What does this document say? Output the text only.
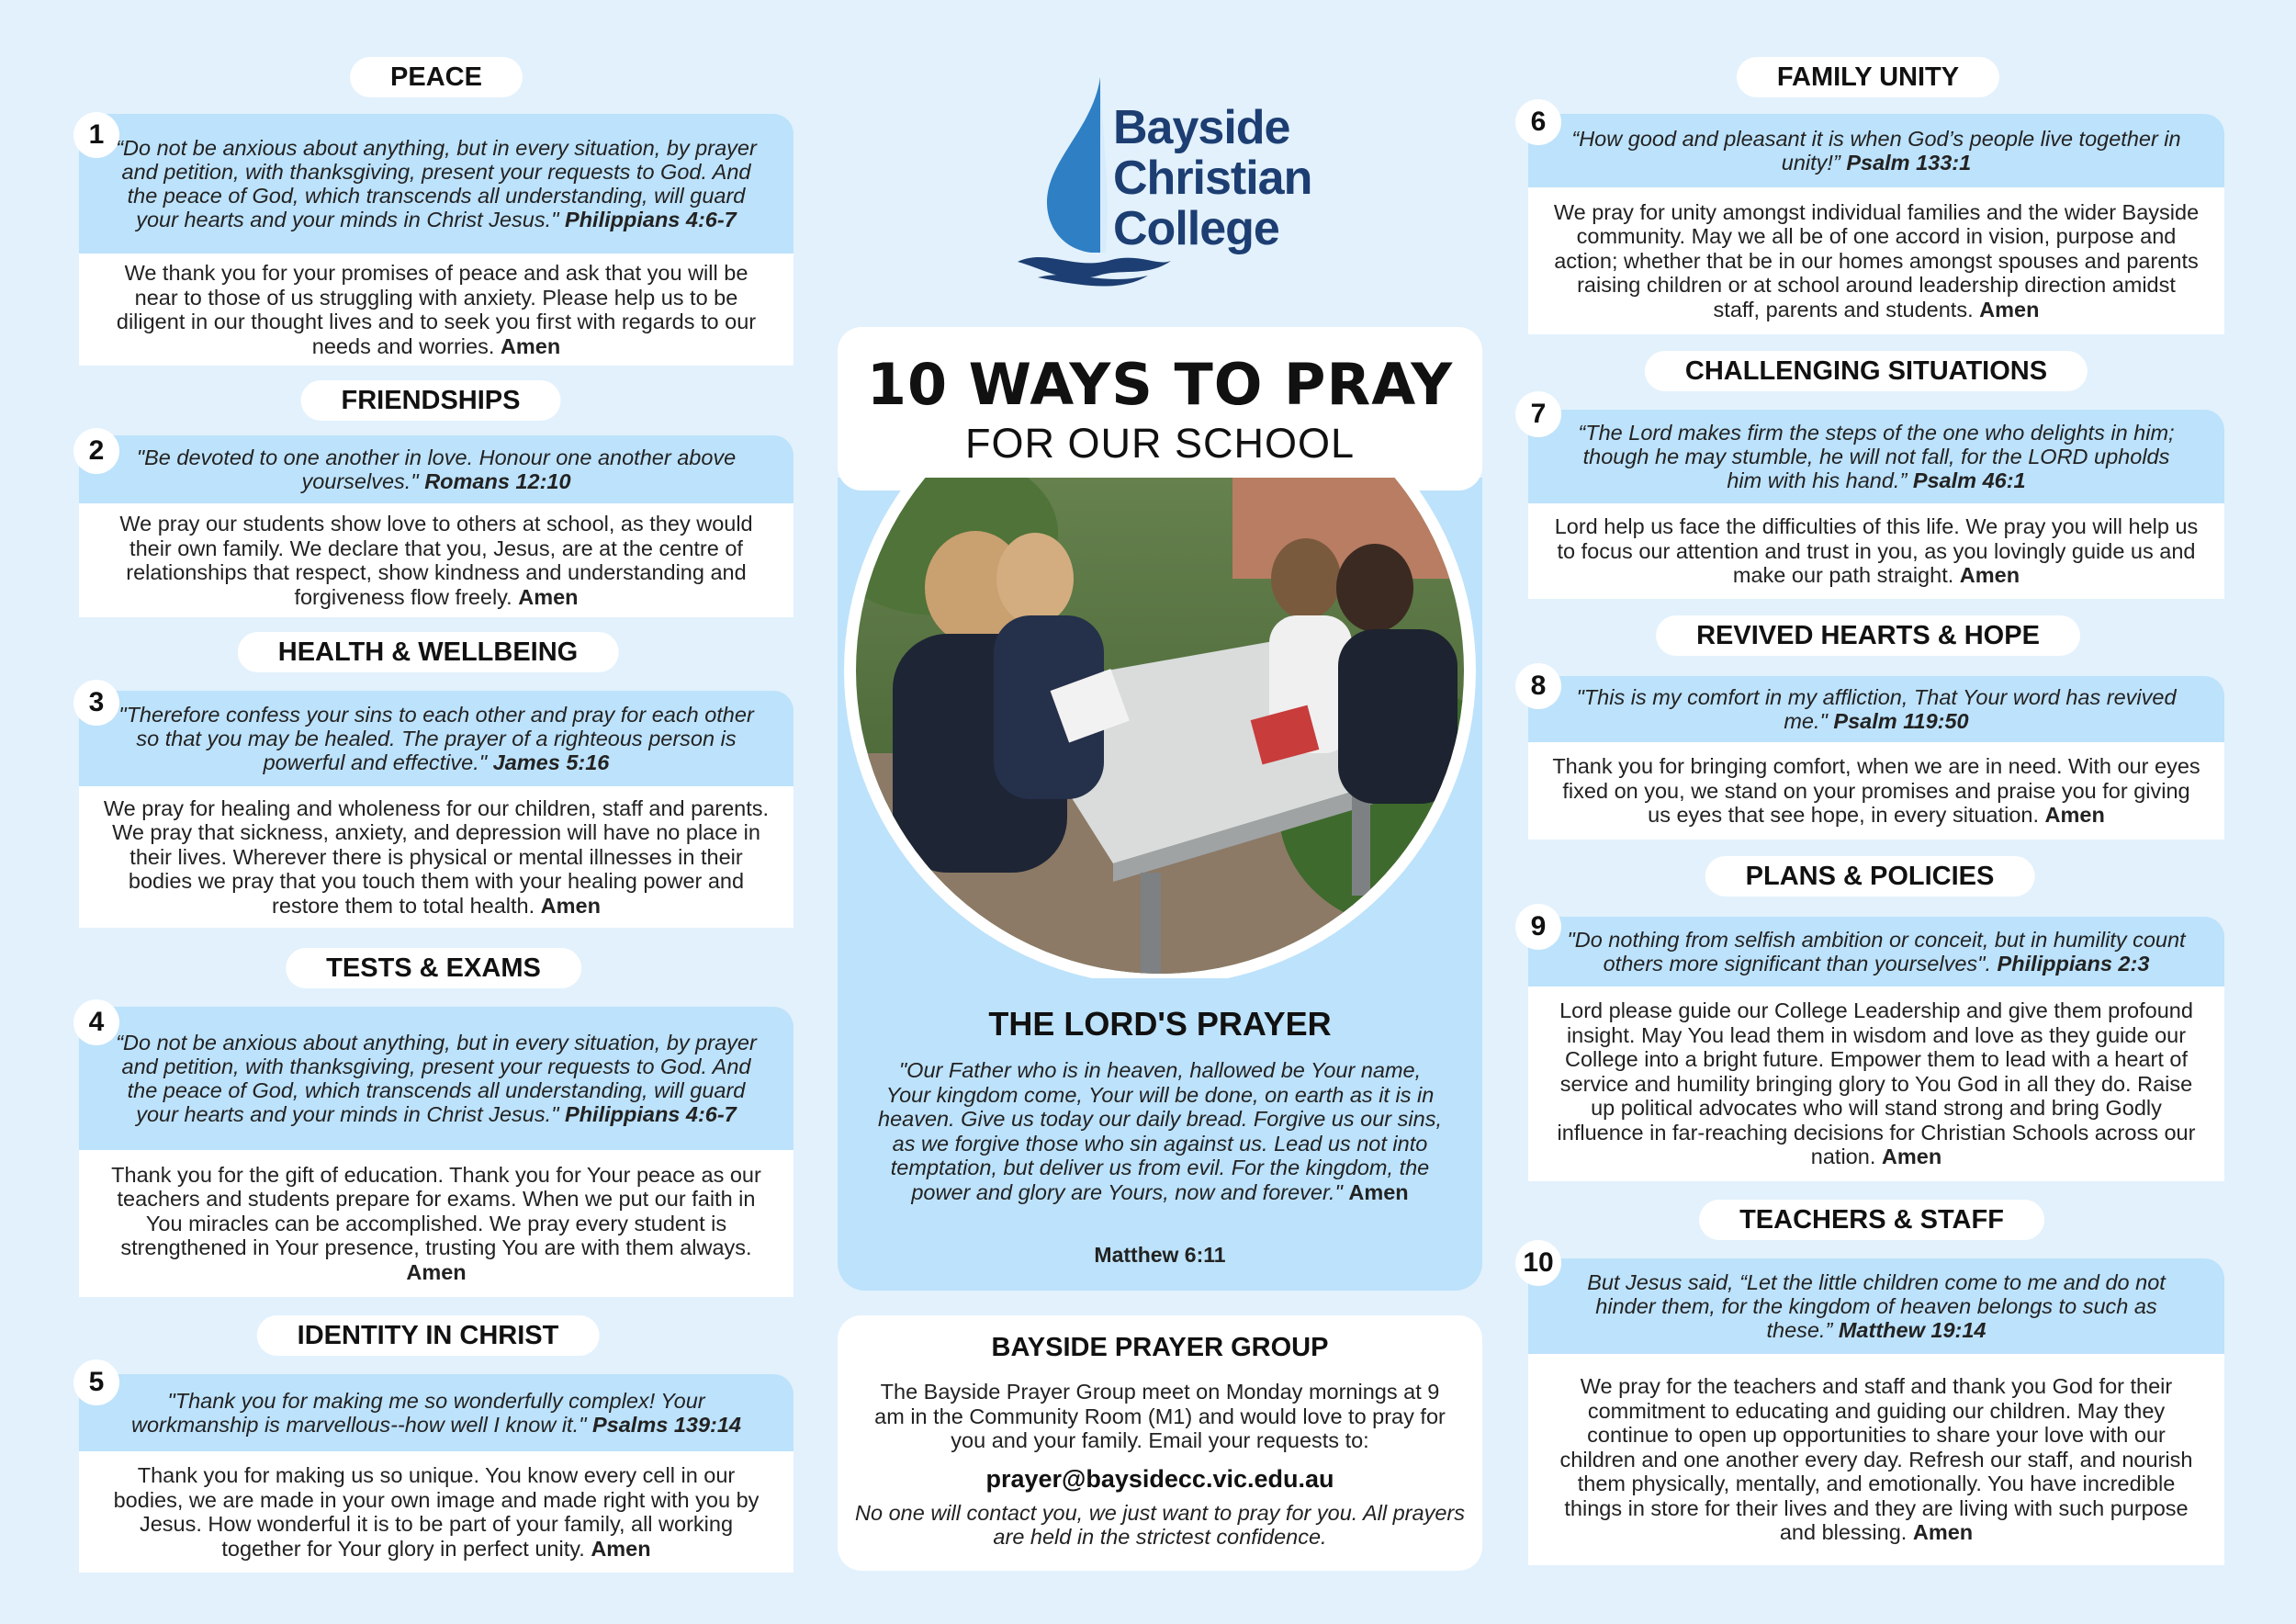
PEACE
“Do not be anxious about anything, but in every situation, by prayer and petition, with thanksgiving, present your requests to God. And the peace of God, which transcends all understanding, will guard your hearts and your minds in Christ Jesus." Philippians 4:6-7
We thank you for your promises of peace and ask that you will be near to those of us struggling with anxiety. Please help us to be diligent in our thought lives and to seek you first with regards to our needs and worries. Amen
1
FRIENDSHIPS
"Be devoted to one another in love. Honour one another above yourselves." Romans 12:10
We pray our students show love to others at school, as they would their own family. We declare that you, Jesus, are at the centre of relationships that respect, show kindness and understanding and forgiveness flow freely. Amen
2
HEALTH & WELLBEING
"Therefore confess your sins to each other and pray for each other so that you may be healed. The prayer of a righteous person is powerful and effective." James 5:16
We pray for healing and wholeness for our children, staff and parents. We pray that sickness, anxiety, and depression will have no place in their lives. Wherever there is physical or mental illnesses in their bodies we pray that you touch them with your healing power and restore them to total health. Amen
3
TESTS & EXAMS
“Do not be anxious about anything, but in every situation, by prayer and petition, with thanksgiving, present your requests to God. And the peace of God, which transcends all understanding, will guard your hearts and your minds in Christ Jesus." Philippians 4:6-7
Thank you for the gift of education. Thank you for Your peace as our teachers and students prepare for exams. When we put our faith in You miracles can be accomplished. We pray every student is strengthened in Your presence, trusting You are with them always. Amen
4
IDENTITY IN CHRIST
"Thank you for making me so wonderfully complex! Your workmanship is marvellous--how well I know it." Psalms 139:14
Thank you for making us so unique. You know every cell in our bodies, we are made in your own image and made right with you by Jesus. How wonderful it is to be part of your family, all working together for Your glory in perfect unity. Amen
5
Bayside
Christian
College
10 WAYS TO PRAY
FOR OUR SCHOOL
THE LORD'S PRAYER
"Our Father who is in heaven, hallowed be Your name, Your kingdom come, Your will be done, on earth as it is in heaven. Give us today our daily bread. Forgive us our sins, as we forgive those who sin against us. Lead us not into temptation, but deliver us from evil. For the kingdom, the power and glory are Yours, now and forever." Amen
Matthew 6:11
BAYSIDE PRAYER GROUP
The Bayside Prayer Group meet on Monday mornings at 9 am in the Community Room (M1) and would love to pray for you and your family. Email your requests to:
prayer@baysidecc.vic.edu.au
No one will contact you, we just want to pray for you. All prayers are held in the strictest confidence.
FAMILY UNITY
“How good and pleasant it is when God’s people live together in unity!” Psalm 133:1
We pray for unity amongst individual families and the wider Bayside community. May we all be of one accord in vision, purpose and action; whether that be in our homes amongst spouses and parents raising children or at school around leadership direction amidst staff, parents and students. Amen
6
CHALLENGING SITUATIONS
“The Lord makes firm the steps of the one who delights in him; though he may stumble, he will not fall, for the LORD upholds him with his hand.” Psalm 46:1
Lord help us face the difficulties of this life. We pray you will help us to focus our attention and trust in you, as you lovingly guide us and make our path straight. Amen
7
REVIVED HEARTS & HOPE
"This is my comfort in my affliction, That Your word has revived me." Psalm 119:50
Thank you for bringing comfort, when we are in need. With our eyes fixed on you, we stand on your promises and praise you for giving us eyes that see hope, in every situation. Amen
8
PLANS & POLICIES
"Do nothing from selfish ambition or conceit, but in humility count others more significant than yourselves". Philippians 2:3
Lord please guide our College Leadership and give them profound insight. May You lead them in wisdom and love as they guide our College into a bright future. Empower them to lead with a heart of service and humility bringing glory to You God in all they do. Raise up political advocates who will stand strong and bring Godly influence in far-reaching decisions for Christian Schools across our nation. Amen
9
TEACHERS & STAFF
But Jesus said, “Let the little children come to me and do not hinder them, for the kingdom of heaven belongs to such as these.” Matthew 19:14
We pray for the teachers and staff and thank you God for their commitment to educating and guiding our children. May they continue to open up opportunities to share your love with our children and one another every day. Refresh our staff, and nourish them physically, mentally, and emotionally. You have incredible things in store for their lives and they are living with such purpose and blessing. Amen
10
